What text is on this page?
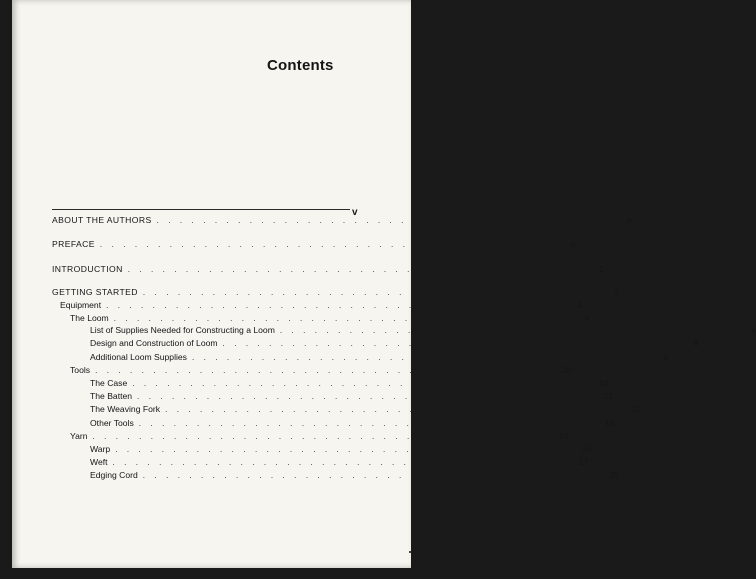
Contents
v
ABOUT THE AUTHORS . . . . . . . . . . . . . . . . . . . . . . . . . . . . . . . . . . . . . . . .	ix
PREFACE . . . . . . . . . . . . . . . . . . . . . . . . . . . . . . . . . . . . . . . .	xi
INTRODUCTION . . . . . . . . . . . . . . . . . . . . . . . . . . . . . . . . . . . . . . . .	1
GETTING STARTED . . . . . . . . . . . . . . . . . . . . . . . . . . . . . . . . . . . . . . . .	3
Equipment . . . . . . . . . . . . . . . . . . . . . . . . . . . . . . . . . . . . . . . .	4
The Loom . . . . . . . . . . . . . . . . . . . . . . . . . . . . . . . . . . . . . . . .	4
List of Supplies Needed for Constructing a Loom . . . . . . . . . . . . . . . . . . . . . . . . . . . . . . . . . . . . . . . .	6
Design and Construction of Loom . . . . . . . . . . . . . . . . . . . . . . . . . . . . . . . . . . . . . . . .	8
Additional Loom Supplies . . . . . . . . . . . . . . . . . . . . . . . . . . . . . . . . . . . . . . . .	9
Tools . . . . . . . . . . . . . . . . . . . . . . . . . . . . . . . . . . . . . . . . 10
The Case . . . . . . . . . . . . . . . . . . . . . . . . . . . . . . . . . . . . . . . . 10
The Batten . . . . . . . . . . . . . . . . . . . . . . . . . . . . . . . . . . . . . . . . 11
The Weaving Fork . . . . . . . . . . . . . . . . . . . . . . . . . . . . . . . . . . . . . . . . 13
Other Tools . . . . . . . . . . . . . . . . . . . . . . . . . . . . . . . . . . . . . . . . 14
Yarn . . . . . . . . . . . . . . . . . . . . . . . . . . . . . . . . . . . . . . . . 16
Warp . . . . . . . . . . . . . . . . . . . . . . . . . . . . . . . . . . . . . . . . 16
Weft . . . . . . . . . . . . . . . . . . . . . . . . . . . . . . . . . . . . . . . . 17
Edging Cord . . . . . . . . . . . . . . . . . . . . . . . . . . . . . . . . . . . . . . . . 20
